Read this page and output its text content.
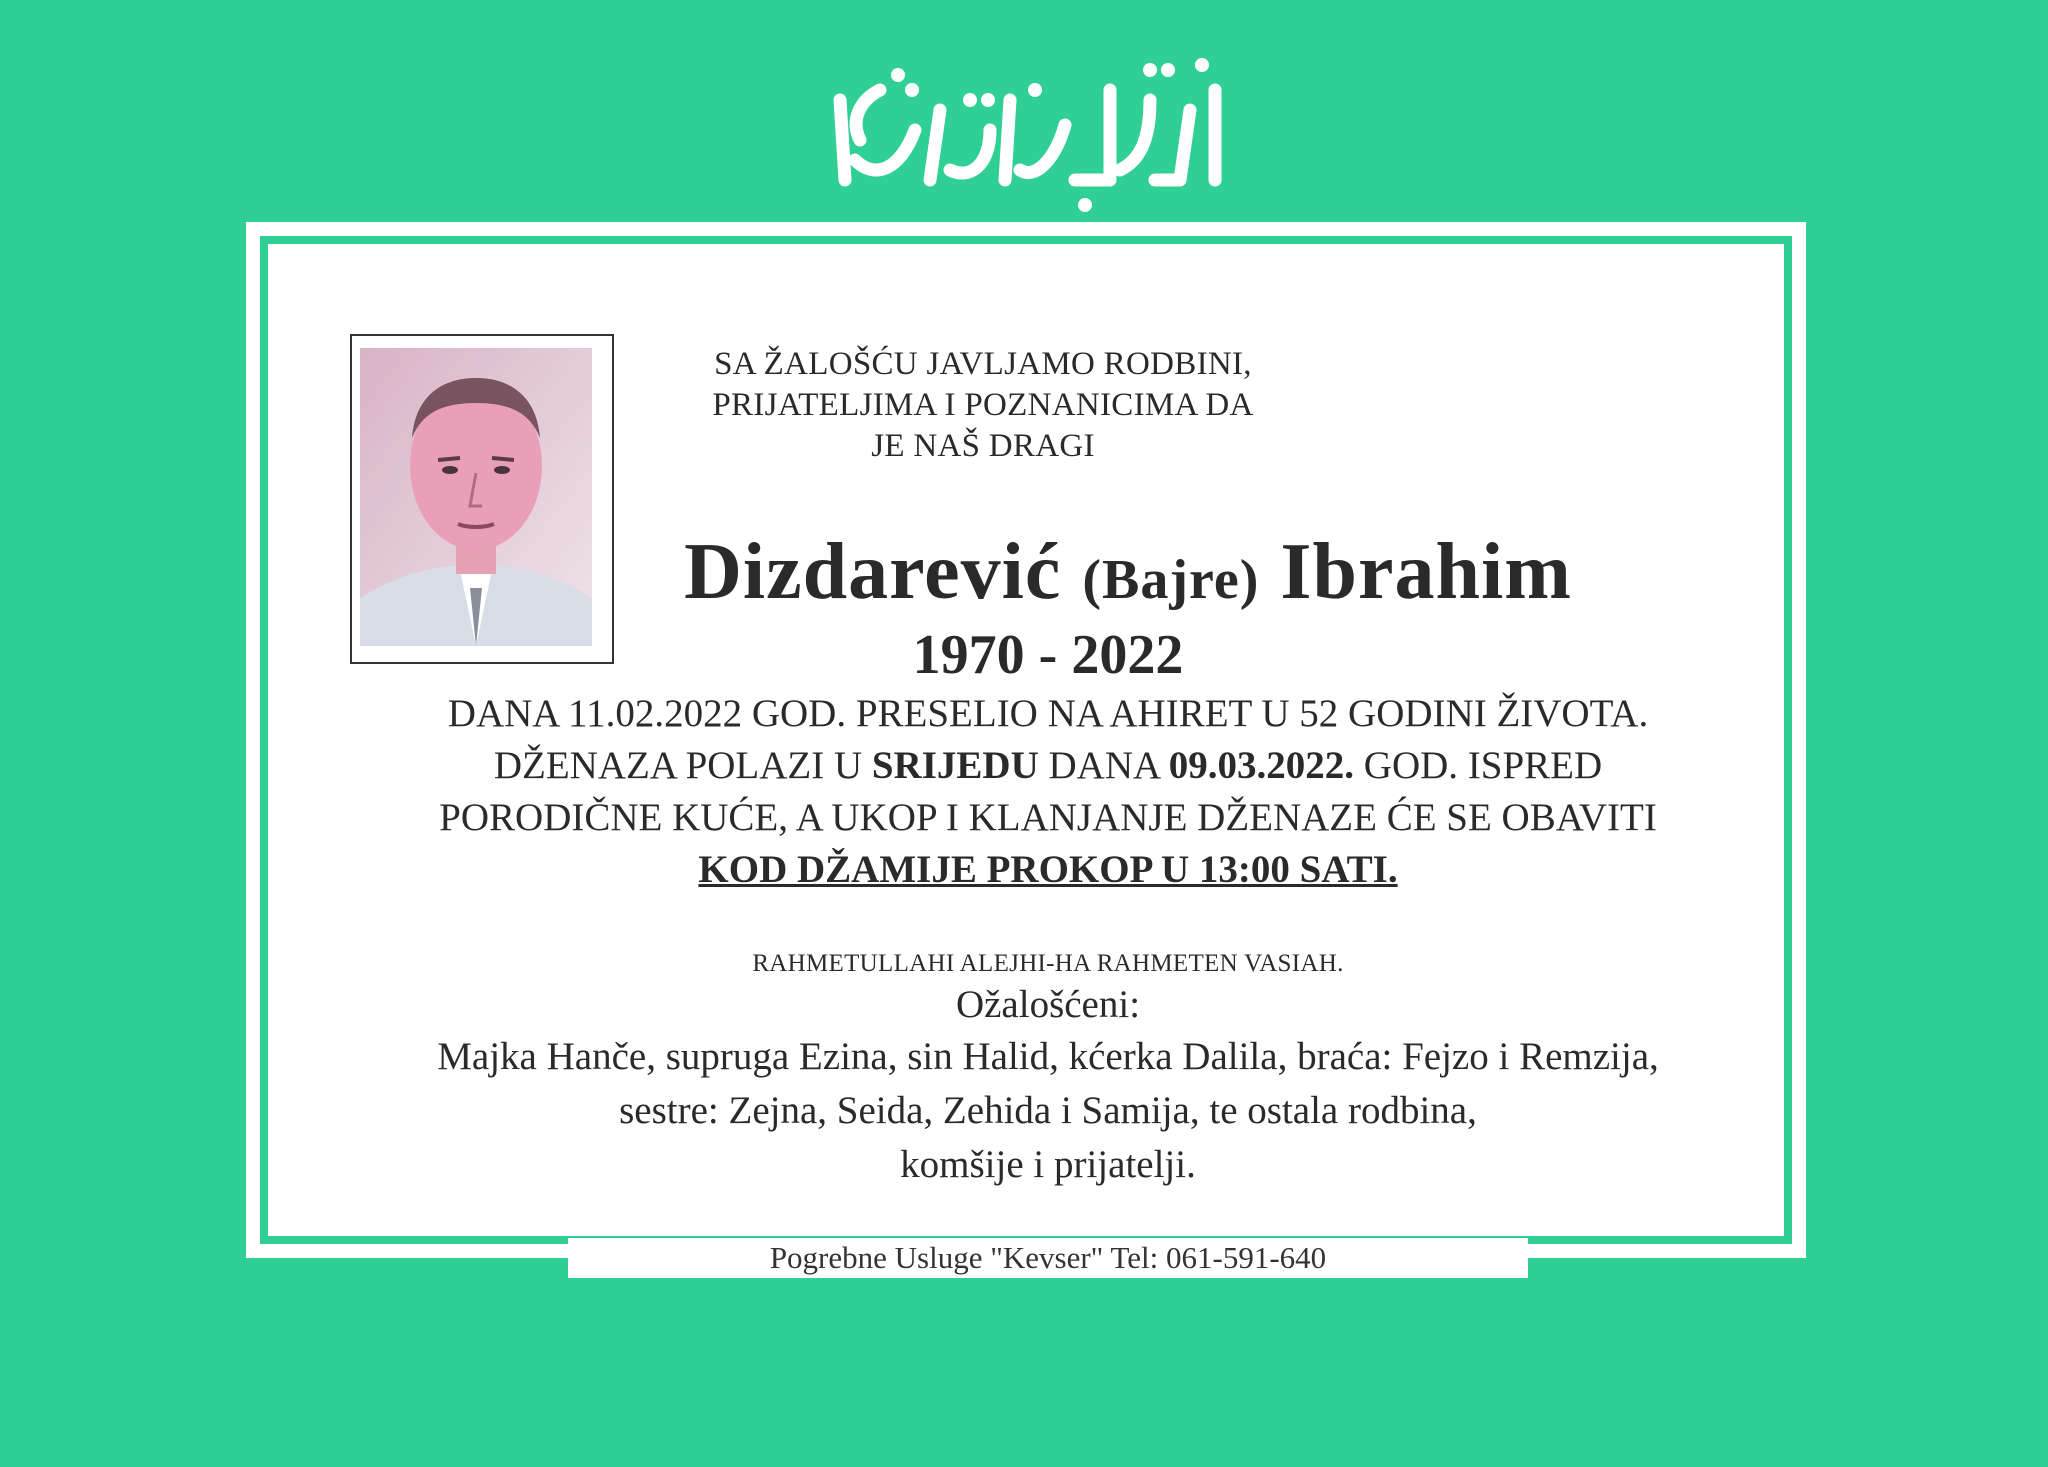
SA ŽALOŠĆU JAVLJAMO RODBINI,
PRIJATELJIMA I POZNANICIMA DA
JE NAŠ DRAGI
Dizdarević (Bajre) Ibrahim
1970 - 2022
DANA 11.02.2022 GOD. PRESELIO NA AHIRET U 52 GODINI ŽIVOTA.
DŽENAZA POLAZI U SRIJEDU DANA 09.03.2022. GOD. ISPRED
PORODIČNE KUĆE, A UKOP I KLANJANJE DŽENAZE ĆE SE OBAVITI
KOD DŽAMIJE PROKOP U 13:00 SATI.
RAHMETULLAHI ALEJHI-HA RAHMETEN VASIAH.
Ožalošćeni:
Majka Hanče, supruga Ezina, sin Halid, kćerka Dalila, braća: Fejzo i Remzija,
sestre: Zejna, Seida, Zehida i Samija, te ostala rodbina,
komšije i prijatelji.
Pogrebne Usluge "Kevser" Tel: 061-591-640
